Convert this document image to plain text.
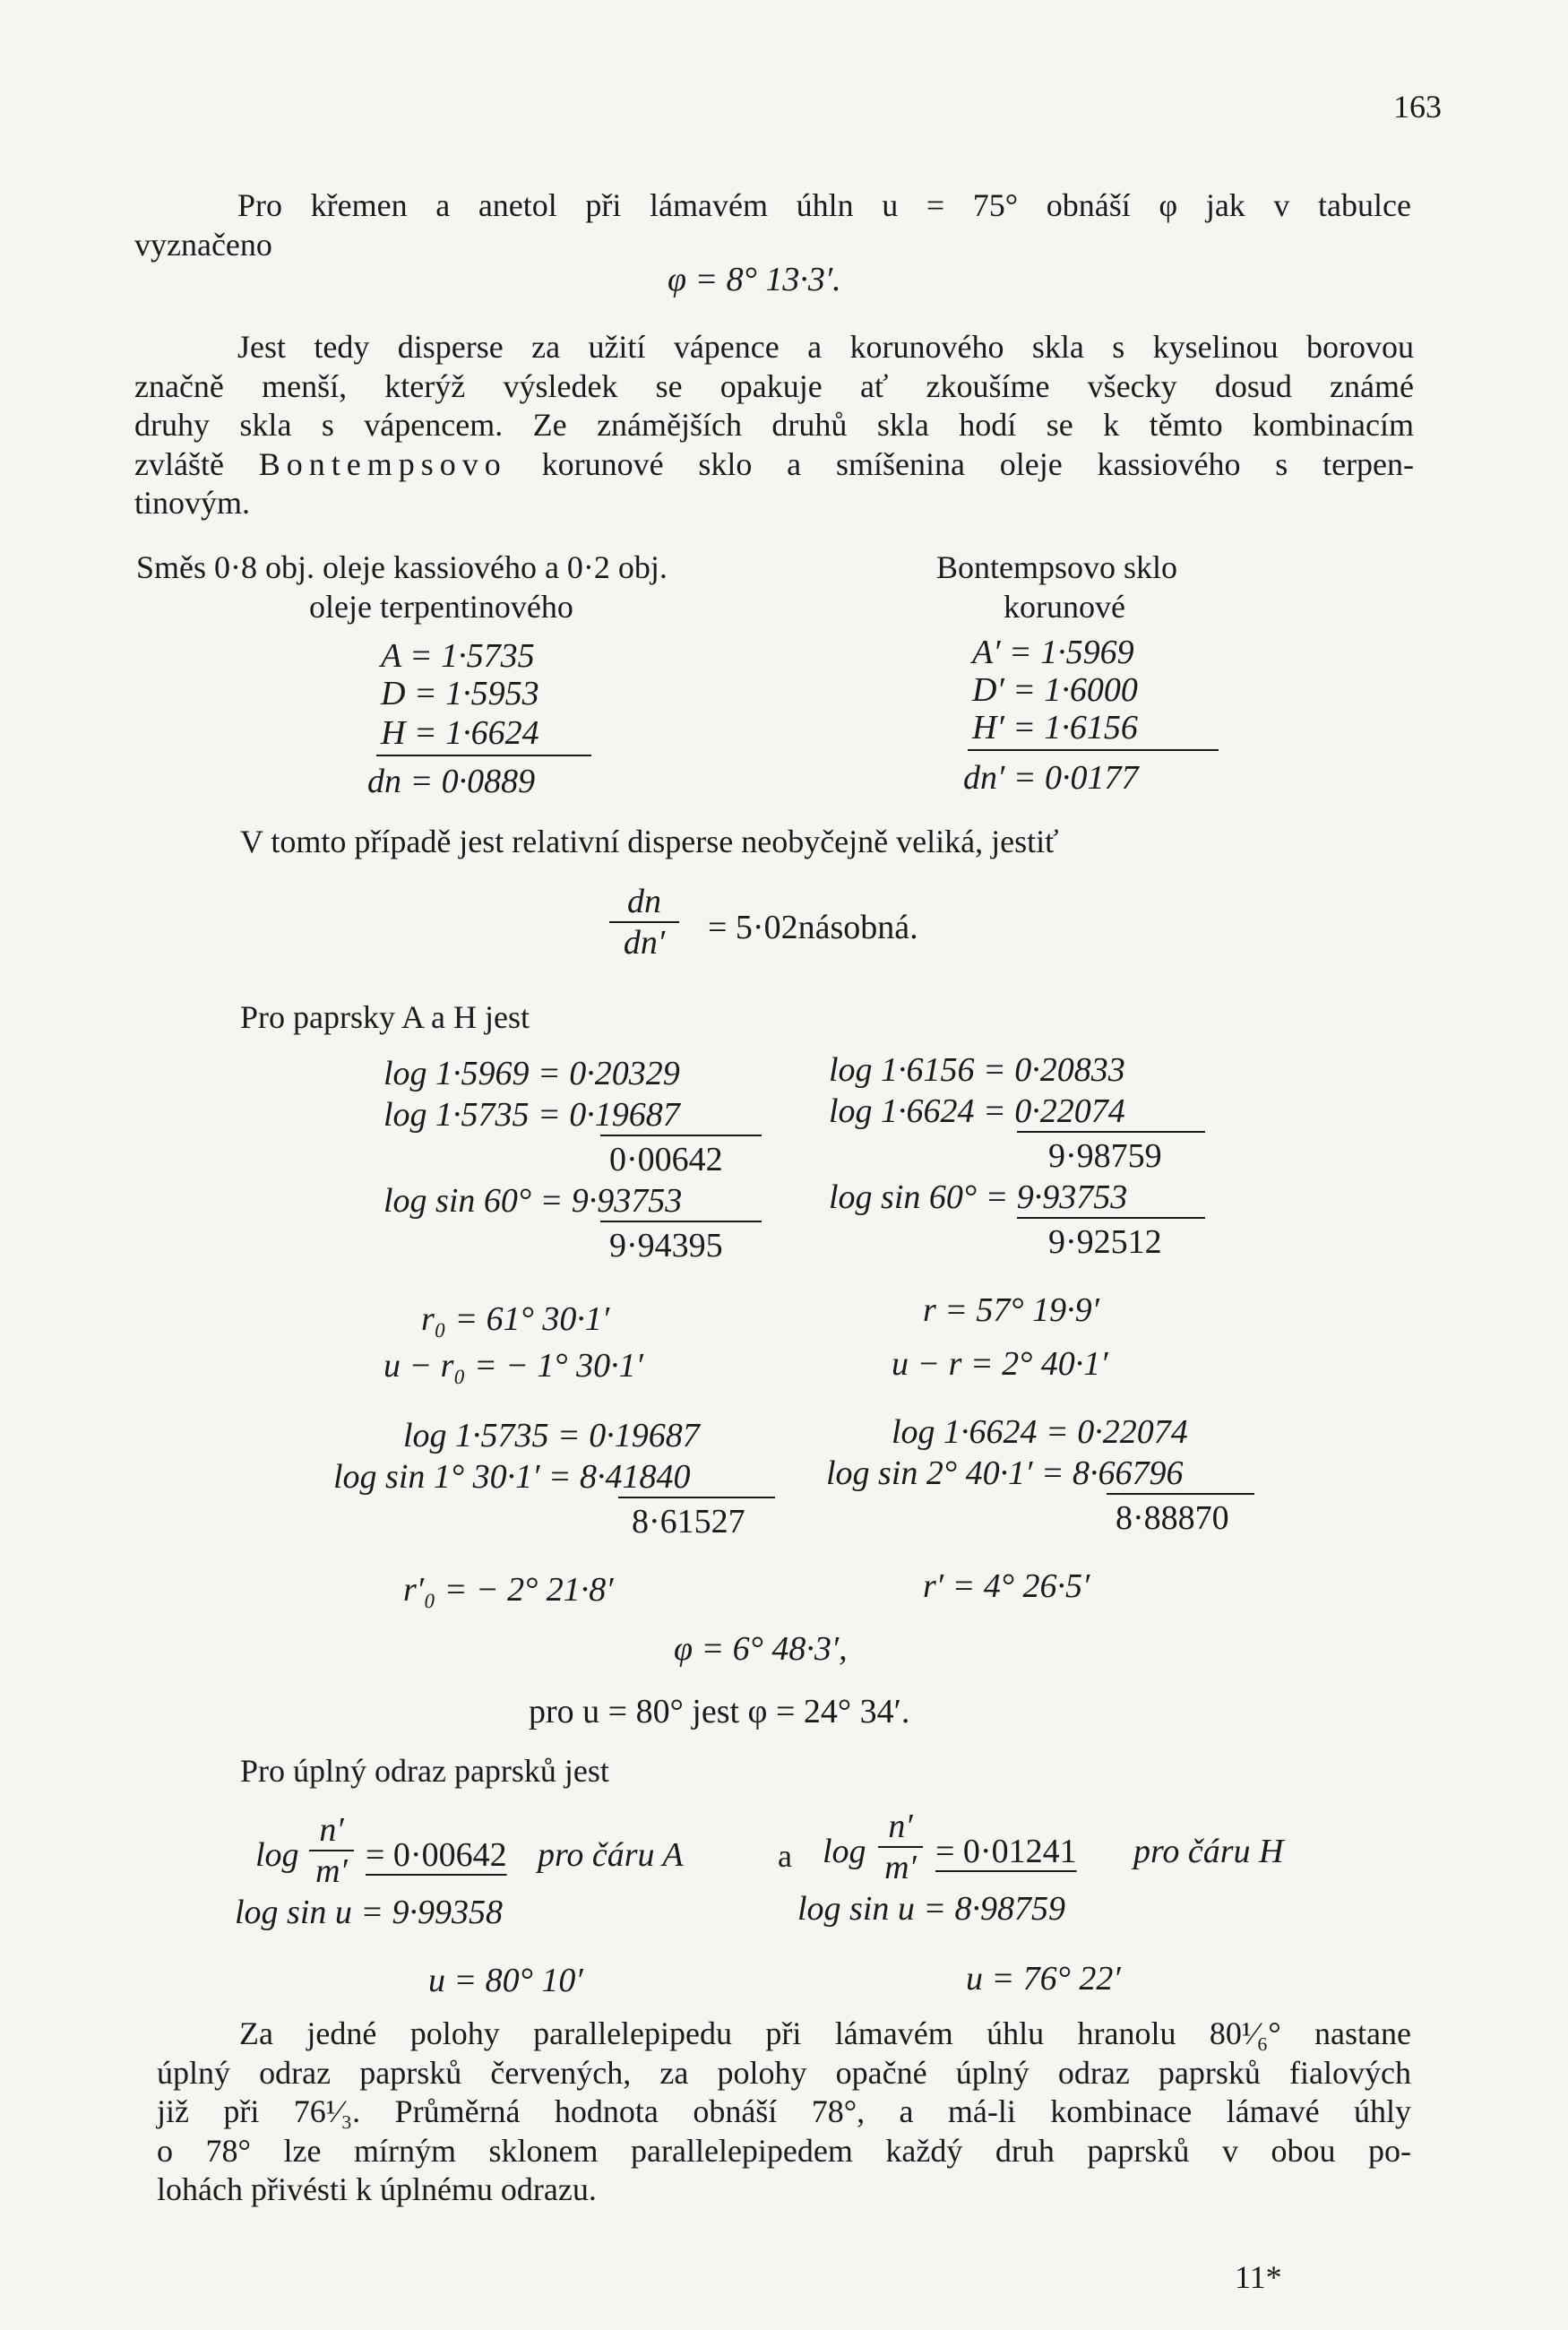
163
Pro křemen a anetol při lámavém úhln u = 75° obnáší φ jak v tabulce
vyznačeno
φ = 8° 13·3′.
Jest tedy disperse za užití vápence a korunového skla s kyselinou borovou
značně menší, kterýž výsledek se opakuje ať zkoušíme všecky dosud známé
druhy skla s vápencem. Ze známějších druhů skla hodí se k těmto kombinacím
zvláště Bontempsovo korunové sklo a smíšenina oleje kassiového s terpen-
tinovým.
Směs 0·8 obj. oleje kassiového a 0·2 obj.
oleje terpentinového
A = 1·5735
D = 1·5953
H = 1·6624
dn = 0·0889
Bontempsovo sklo
korunové
A′ = 1·5969
D′ = 1·6000
H′ = 1·6156
dn′ = 0·0177
V tomto případě jest relativní disperse neobyčejně veliká, jestiť
dn
dn′	= 5·02násobná.
Pro paprsky A a H jest
log 1·5969 = 0·20329
log 1·5735 = 0·19687
0·00642
log sin 60° = 9·93753
9·94395
r₀ = 61° 30·1′
u − r₀ = − 1° 30·1′
log 1·5735 = 0·19687
log sin 1° 30·1′ = 8·41840
8·61527
r′₀ = − 2° 21·8′
log 1·6156 = 0·20833
log 1·6624 = 0·22074
9·98759
log sin 60° = 9·93753
9·92512
r = 57° 19·9′
u − r = 2° 40·1′
log 1·6624 = 0·22074
log sin 2° 40·1′ = 8·66796
8·88870
r′ = 4° 26·5′
φ = 6° 48·3′,
pro u = 80° jest φ = 24° 34′.
Pro úplný odraz paprsků jest
log
n′
m′ = 0·00642 pro čáru A	a log
n′
m′ = 0·01241 pro čáru H
log sin u = 9·99358	log sin u = 8·98759
u = 80° 10′	u = 76° 22′
Za jedné polohy parallelepipedu při lámavém úhlu hranolu 80¹⁄₆° nastane
úplný odraz paprsků červených, za polohy opačné úplný odraz paprsků fialových
již při 76¹⁄₃. Průměrná hodnota obnáší 78°, a má-li kombinace lámavé úhly
o 78° lze mírným sklonem parallelepipedem každý druh paprsků v obou po-
lohách přivésti k úplnému odrazu.
11*
